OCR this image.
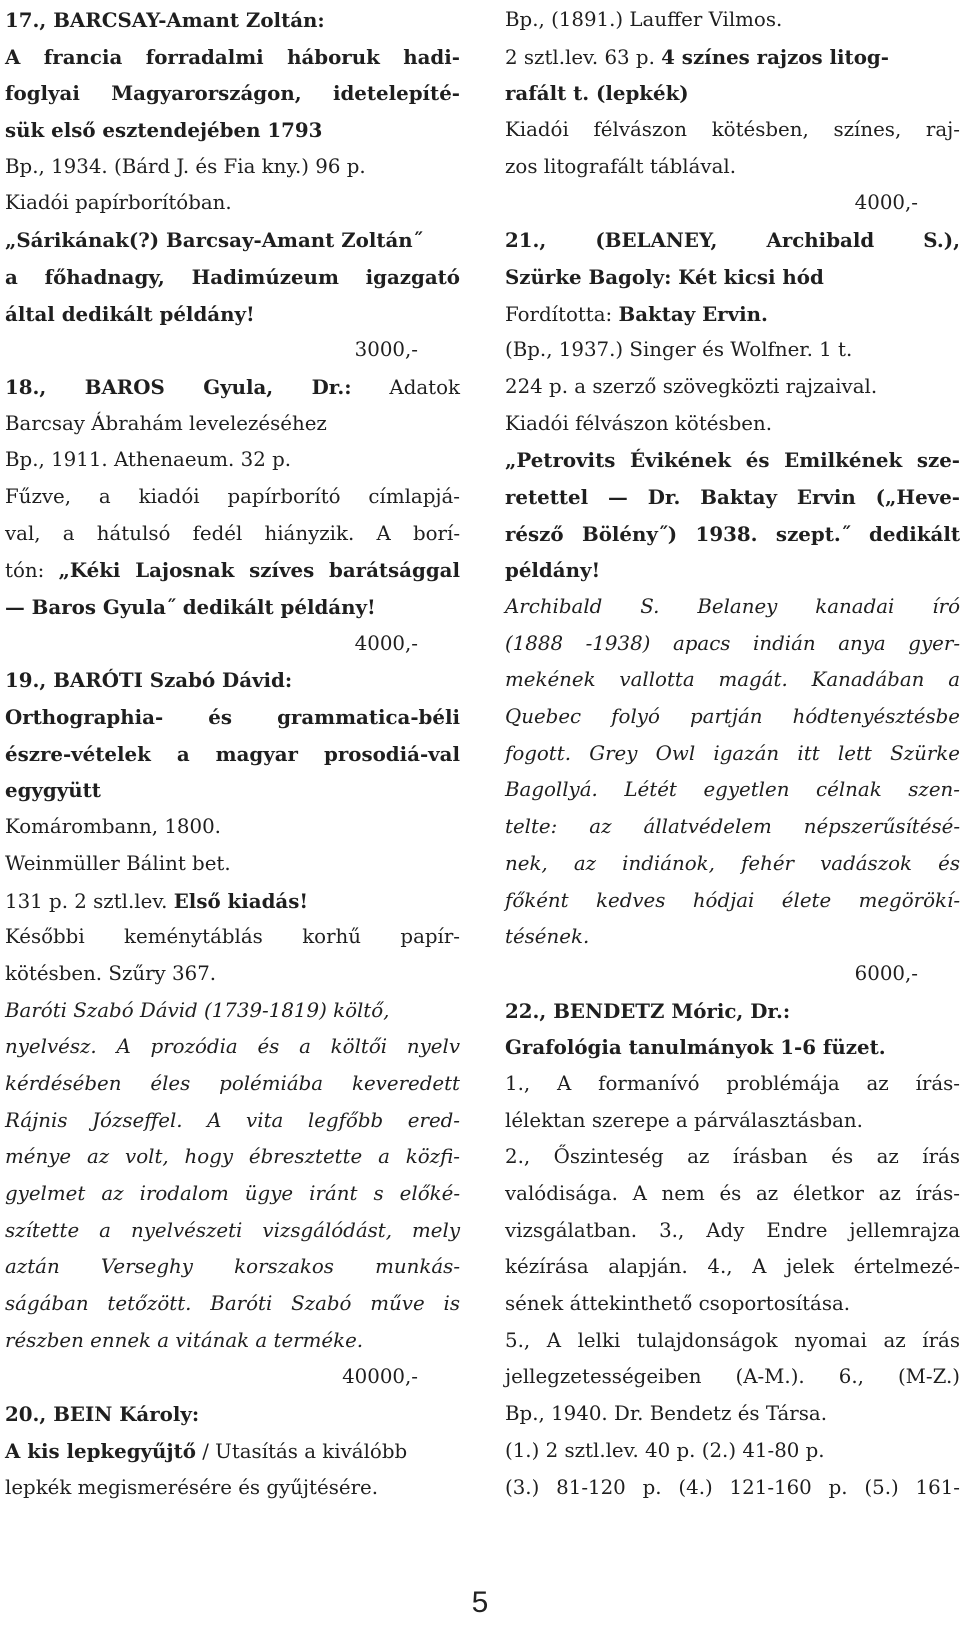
17., BARCSAY-Amant Zoltán:
A francia forradalmi háboruk hadi-
foglyai Magyarországon, idetelepíté-
sük első esztendejében 1793
Bp., 1934. (Bárd J. és Fia kny.) 96 p.
Kiadói papírborítóban.
„Sárikának(?) Barcsay-Amant Zoltán˝
a főhadnagy, Hadimúzeum igazgató
által dedikált példány!
3000,-
18., BAROS Gyula, Dr.: Adatok
Barcsay Ábrahám levelezéséhez
Bp., 1911. Athenaeum. 32 p.
Fűzve, a kiadói papírborító címlapjá-
val, a hátulsó fedél hiányzik. A borí-
tón: „Kéki Lajosnak szíves barátsággal
— Baros Gyula˝ dedikált példány!
4000,-
19., BARÓTI Szabó Dávid:
Orthographia- és grammatica-béli
észre-vételek a magyar prosodiá-val
egygyütt
Komárombann, 1800.
Weinmüller Bálint bet.
131 p. 2 sztl.lev. Első kiadás!
Későbbi keménytáblás korhű papír-
kötésben. Szűry 367.
Baróti Szabó Dávid (1739-1819) költő,
nyelvész. A prozódia és a költői nyelv
kérdésében éles polémiába keveredett
Rájnis Józseffel. A vita legfőbb ered-
ménye az volt, hogy ébresztette a közfi-
gyelmet az irodalom ügye iránt s előké-
szítette a nyelvészeti vizsgálódást, mely
aztán Verseghy korszakos munkás-
ságában tetőzött. Baróti Szabó műve is
részben ennek a vitának a terméke.
40000,-
20., BEIN Károly:
A kis lepkegyűjtő / Utasítás a kiválóbb
lepkék megismerésére és gyűjtésére.
Bp., (1891.) Lauffer Vilmos.
2 sztl.lev. 63 p. 4 színes rajzos litog-
rafált t. (lepkék)
Kiadói félvászon kötésben, színes, raj-
zos litografált táblával.
4000,-
21., (BELANEY, Archibald S.),
Szürke Bagoly: Két kicsi hód
Fordította: Baktay Ervin.
(Bp., 1937.) Singer és Wolfner. 1 t.
224 p. a szerző szövegközti rajzaival.
Kiadói félvászon kötésben.
„Petrovits Évikének és Emilkének sze-
retettel — Dr. Baktay Ervin („Heve-
résző Bölény˝) 1938. szept.˝ dedikált
példány!
Archibald S. Belaney kanadai író
(1888 -1938) apacs indián anya gyer-
mekének vallotta magát. Kanadában a
Quebec folyó partján hódtenyésztésbe
fogott. Grey Owl igazán itt lett Szürke
Bagollyá. Létét egyetlen célnak szen-
telte: az állatvédelem népszerűsítésé-
nek, az indiánok, fehér vadászok és
főként kedves hódjai élete megörökí-
tésének.
6000,-
22., BENDETZ Móric, Dr.:
Grafológia tanulmányok 1-6 füzet.
1., A formanívó problémája az írás-
lélektan szerepe a párválasztásban.
2., Őszinteség az írásban és az írás
valódisága. A nem és az életkor az írás-
vizsgálatban. 3., Ady Endre jellemrajza
kézírása alapján. 4., A jelek értelmezé-
sének áttekinthető csoportosítása.
5., A lelki tulajdonságok nyomai az írás
jellegzetességeiben (A-M.). 6., (M-Z.)
Bp., 1940. Dr. Bendetz és Társa.
(1.) 2 sztl.lev. 40 p. (2.) 41-80 p.
(3.) 81-120 p. (4.) 121-160 p. (5.) 161-
5
